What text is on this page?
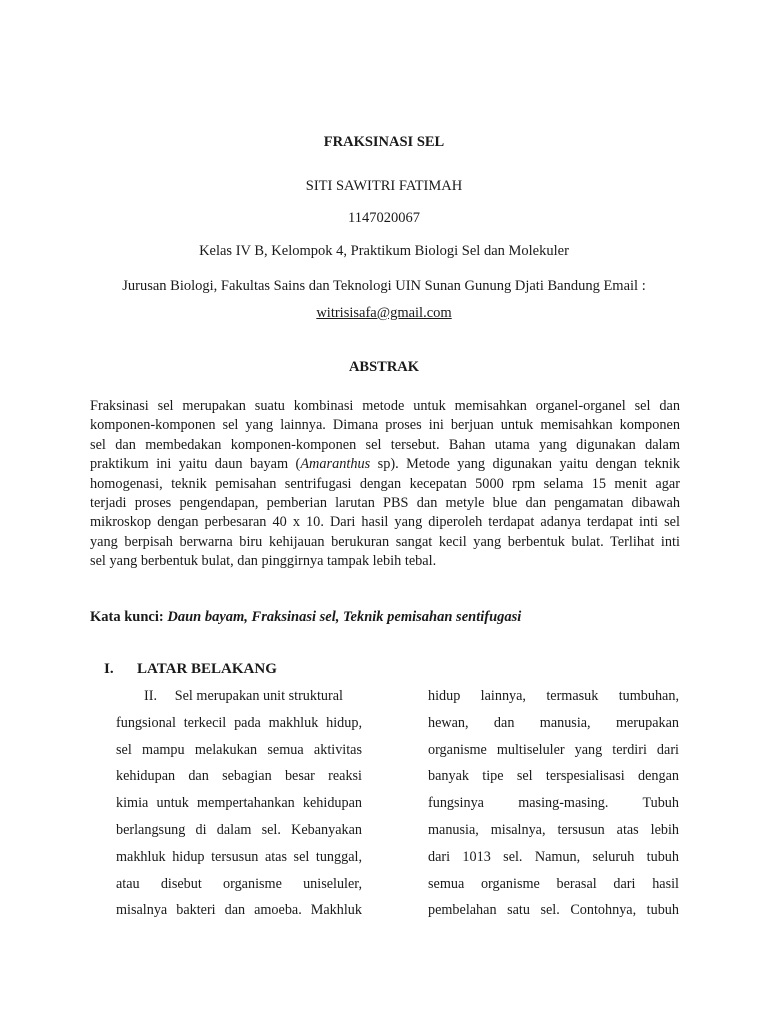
FRAKSINASI SEL
SITI SAWITRI FATIMAH
1147020067
Kelas IV B, Kelompok 4, Praktikum Biologi Sel dan Molekuler
Jurusan Biologi, Fakultas Sains dan Teknologi UIN Sunan Gunung Djati Bandung Email :
witrisisafa@gmail.com
ABSTRAK
Fraksinasi sel merupakan suatu kombinasi metode untuk memisahkan organel-organel sel dan
komponen-komponen sel yang lainnya. Dimana proses ini berjuan untuk memisahkan komponen
sel dan membedakan komponen-komponen sel tersebut. Bahan utama yang digunakan dalam
praktikum ini yaitu daun bayam (Amaranthus sp). Metode yang digunakan yaitu dengan teknik
homogenasi, teknik pemisahan sentrifugasi dengan kecepatan 5000 rpm selama 15 menit agar
terjadi proses pengendapan, pemberian larutan PBS dan metyle blue dan pengamatan dibawah
mikroskop dengan perbesaran 40 x 10. Dari hasil yang diperoleh terdapat adanya terdapat inti sel
yang berpisah berwarna biru kehijauan berukuran sangat kecil yang berbentuk bulat. Terlihat inti
sel yang berbentuk bulat, dan pinggirnya tampak lebih tebal.
Kata kunci: Daun bayam, Fraksinasi sel, Teknik pemisahan sentifugasi
I. LATAR BELAKANG
II. Sel merupakan unit struktural
fungsional terkecil pada makhluk hidup,
sel mampu melakukan semua aktivitas
kehidupan dan sebagian besar reaksi
kimia untuk mempertahankan kehidupan
berlangsung di dalam sel. Kebanyakan
makhluk hidup tersusun atas sel tunggal,
atau disebut organisme uniseluler,
misalnya bakteri dan amoeba. Makhluk
hidup lainnya, termasuk tumbuhan,
hewan, dan manusia, merupakan
organisme multiseluler yang terdiri dari
banyak tipe sel terspesialisasi dengan
fungsinya masing-masing. Tubuh
manusia, misalnya, tersusun atas lebih
dari 1013 sel. Namun, seluruh tubuh
semua organisme berasal dari hasil
pembelahan satu sel. Contohnya, tubuh
